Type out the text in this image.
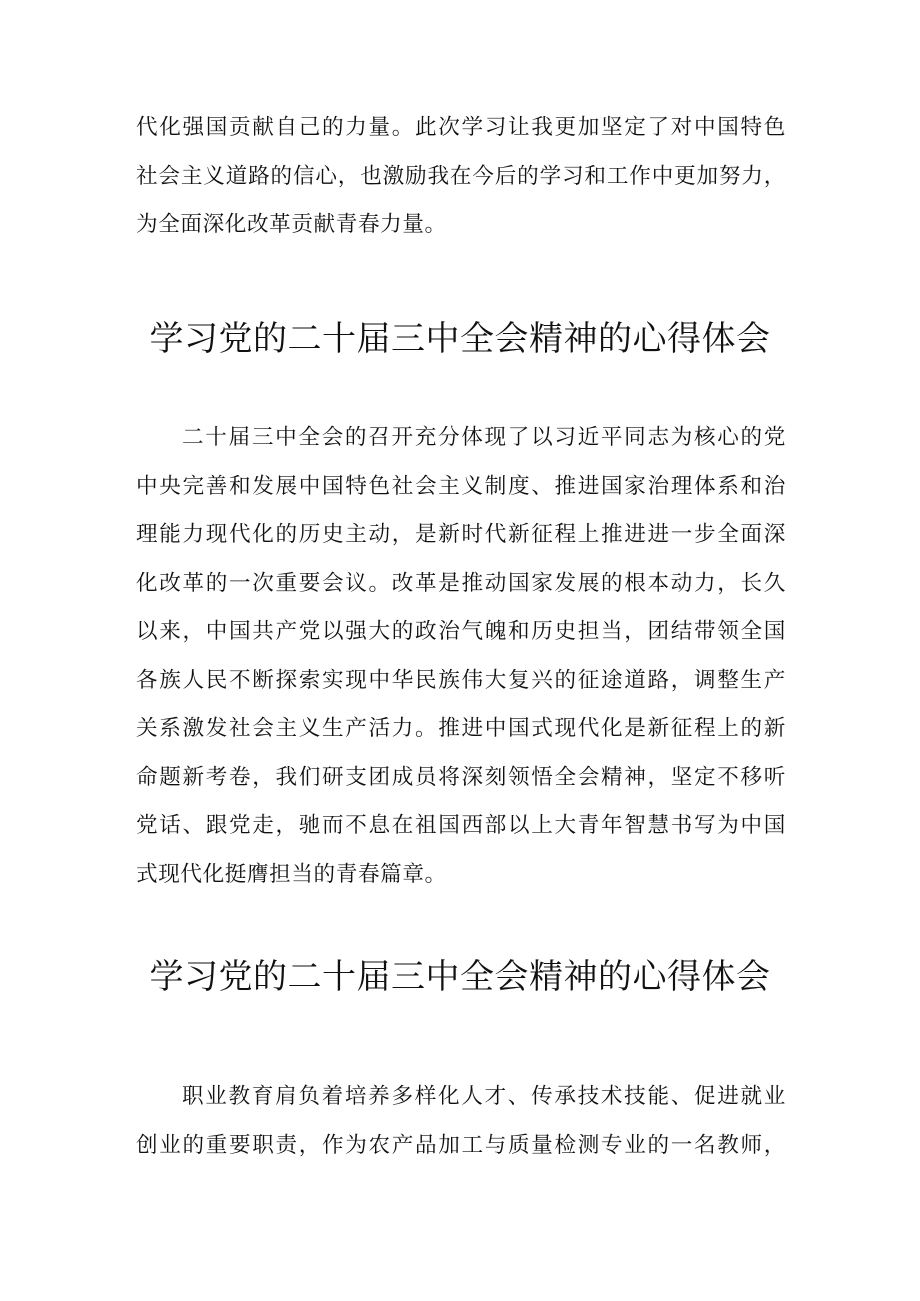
代化强国贡献自己的力量。此次学习让我更加坚定了对中国特色
社会主义道路的信心，也激励我在今后的学习和工作中更加努力，
为全面深化改革贡献青春力量。
学习党的二十届三中全会精神的心得体会
二十届三中全会的召开充分体现了以习近平同志为核心的党
中央完善和发展中国特色社会主义制度、推进国家治理体系和治
理能力现代化的历史主动，是新时代新征程上推进进一步全面深
化改革的一次重要会议。改革是推动国家发展的根本动力，长久
以来，中国共产党以强大的政治气魄和历史担当，团结带领全国
各族人民不断探索实现中华民族伟大复兴的征途道路，调整生产
关系激发社会主义生产活力。推进中国式现代化是新征程上的新
命题新考卷，我们研支团成员将深刻领悟全会精神，坚定不移听
党话、跟党走，驰而不息在祖国西部以上大青年智慧书写为中国
式现代化挺膺担当的青春篇章。
学习党的二十届三中全会精神的心得体会
职业教育肩负着培养多样化人才、传承技术技能、促进就业
创业的重要职责，作为农产品加工与质量检测专业的一名教师，
